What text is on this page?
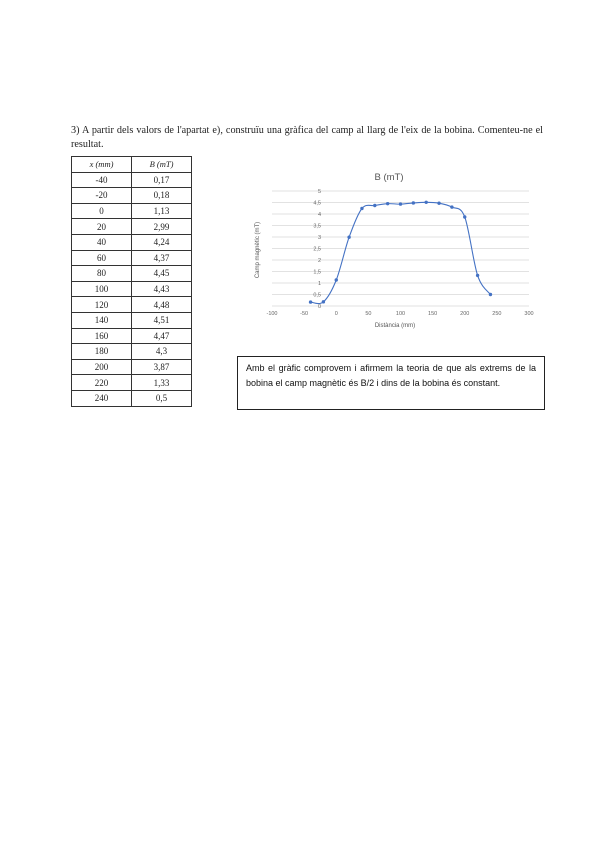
3) A partir dels valors de l'apartat e), construïu una gràfica del camp al llarg de l'eix de la bobina. Comenteu-ne el resultat.
x (mm)	B (mT)
-40	0,17
-20	0,18
0	1,13
20	2,99
40	4,24
60	4,37
80	4,45
100	4,43
120	4,48
140	4,51
160	4,47
180	4,3
200	3,87
220	1,33
240	0,5
B (mT)
Camp magnètic (mT)
Distància (mm)
0
0,5
1
1,5
2
2,5
3
3,5
4
4,5
5
-100	-50	0	50	100	150	200	250	300
Amb el gràfic comprovem i afirmem la teoria de que als extrems de la bobina el camp magnètic és B/2 i dins de la bobina és constant.
